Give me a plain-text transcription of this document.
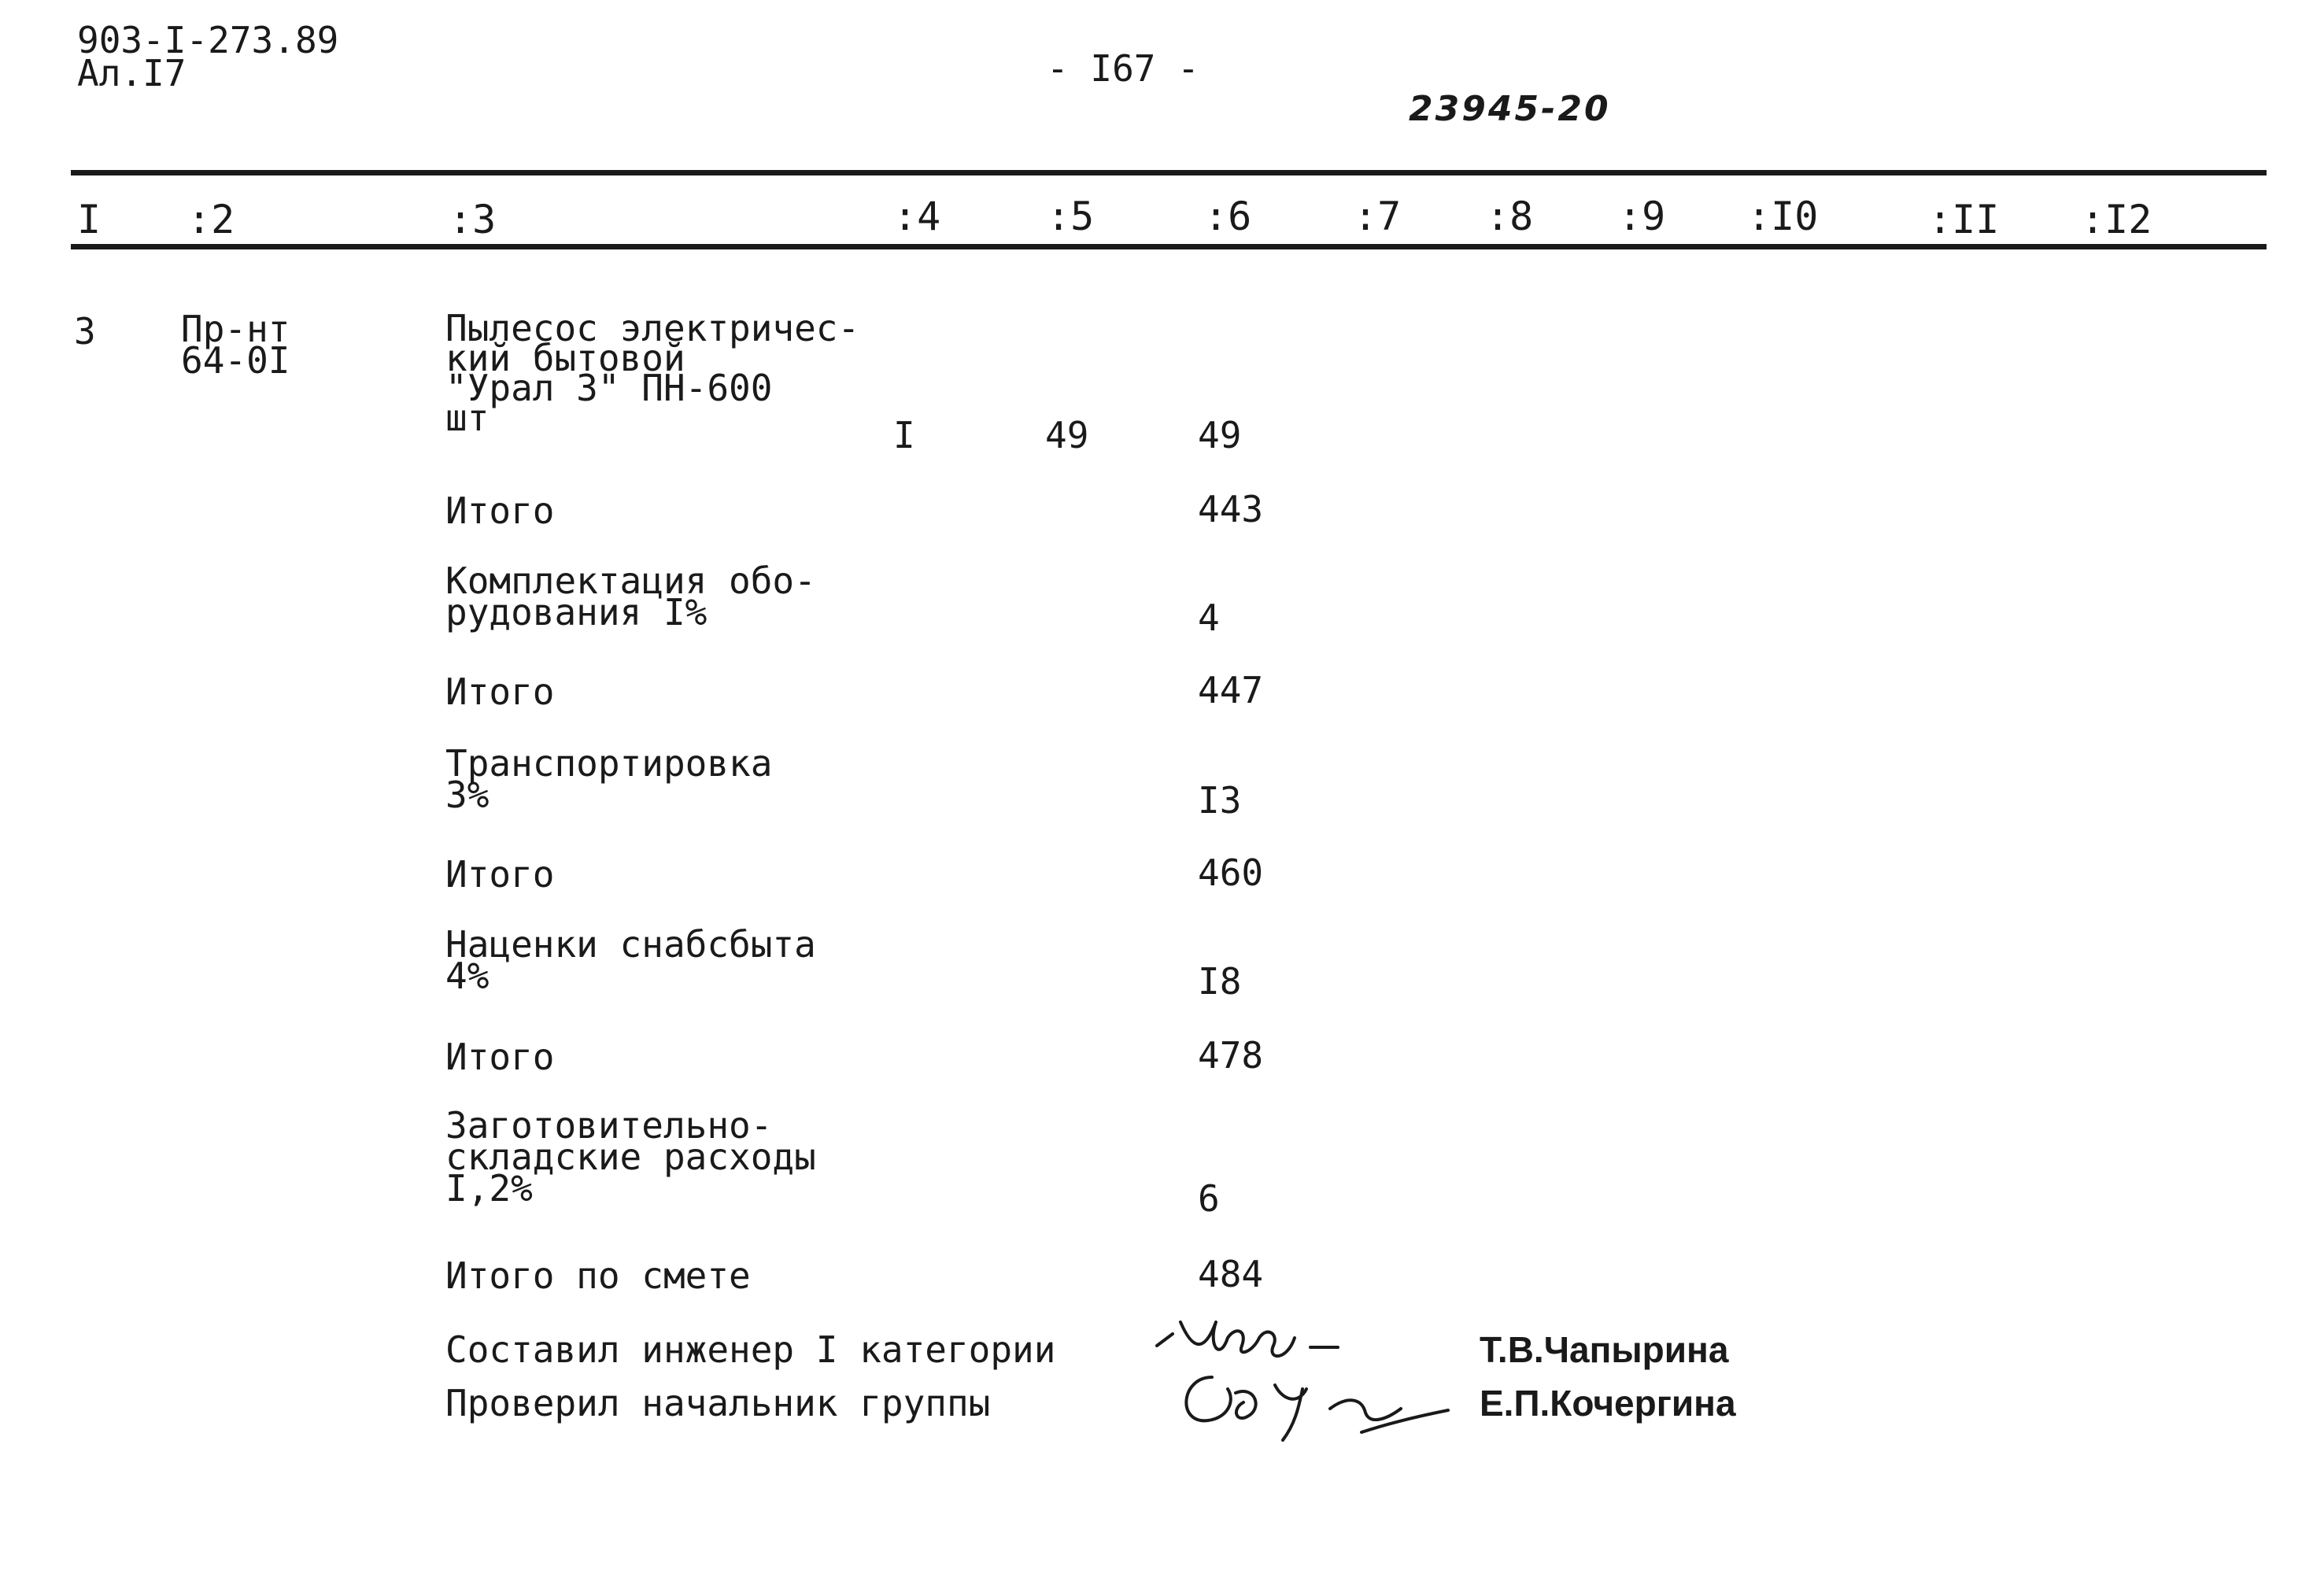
903-I-273.89
Ал.I7	- I67 -
23945-20
I :2	:3	:4	:5	:6	:7 :8 :9 :I0	:II :I2
3 Пр-нт
64-0I
Пылесос электричес-
кий бытовой
"Урал 3" ПН-600
шт	I	49	49
Итого	443
Комплектация обо-
рудования I%	4
Итого	447
Транспортировка
3%	I3
Итого	460
Наценки снабсбыта
4%	I8
Итого	478
Заготовительно-
складские расходы
I,2%	6
Итого по смете	484
Составил инженер I категории	Т.В.Чапырина
Проверил начальник группы	Е.П.Кочергина
